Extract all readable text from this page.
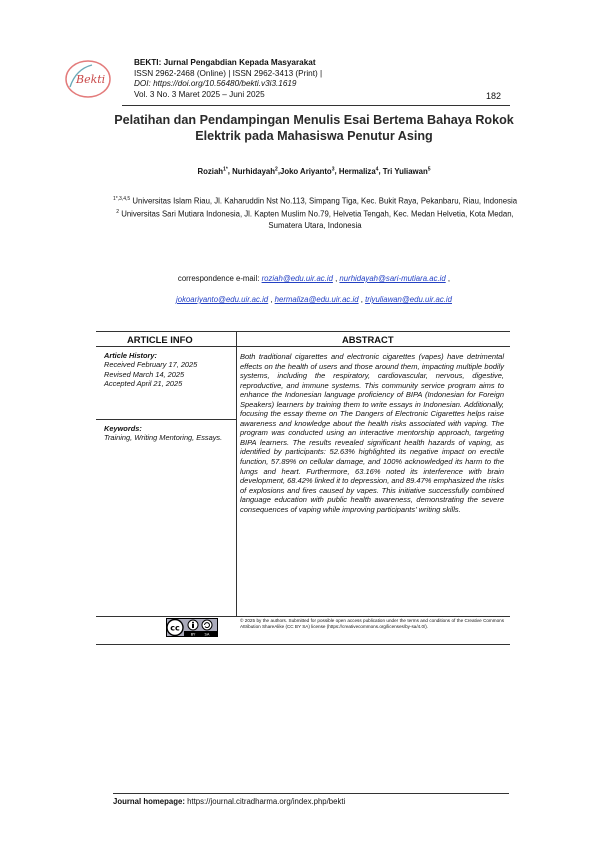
Bekti
BEKTI: Jurnal Pengabdian Kepada Masyarakat
ISSN 2962-2468 (Online) | ISSN 2962-3413 (Print) |
DOI: https://doi.org/10.56480/bekti.v3i3.1619
Vol. 3 No. 3 Maret 2025 – Juni 2025	182
Pelatihan dan Pendampingan Menulis Esai Bertema Bahaya Rokok Elektrik pada Mahasiswa Penutur Asing
Roziah$^{1*}$, Nurhidayah$^2$,Joko Ariyanto$^3$, Hermaliza$^4$, Tri Yuliawan$^5$

$^{1*,3,4,5}$ Universitas Islam Riau, Jl. Kaharuddin Nst No.113, Simpang Tiga, Kec. Bukit Raya, Pekanbaru, Riau, Indonesia

$^2$ Universitas Sari Mutiara Indonesia, Jl. Kapten Muslim No.79, Helvetia Tengah, Kec. Medan Helvetia, Kota Medan, Sumatera Utara, Indonesia

correspondence e-mail: roziah@edu.uir.ac.id , nurhidayah@sari-mutiara.ac.id ,
jokoariyanto@edu.uir.ac.id , hermaliza@edu.uir.ac.id , triyuliawan@edu.uir.ac.id
ARTICLE INFO	ABSTRACT
Article History:
Received February 17, 2025
Revised March 14, 2025
Accepted April 21, 2025
Keywords:
Training, Writing Mentoring, Essays.
Both traditional cigarettes and electronic cigarettes (vapes) have detrimental effects on the health of users and those around them, impacting multiple bodily systems, including the respiratory, cardiovascular, nervous, digestive, reproductive, and immune systems. This community service program aims to enhance the Indonesian language proficiency of BIPA (Indonesian for Foreign Speakers) learners by training them to write essays in Indonesian. Additionally, focusing the essay theme on The Dangers of Electronic Cigarettes helps raise awareness and knowledge about the health risks associated with vaping. The program was conducted using an interactive mentorship approach, targeting BIPA learners. The results revealed significant health hazards of vaping, as identified by participants: 52.63% highlighted its negative impact on erectile function, 57.89% on cellular damage, and 100% acknowledged its harm to the lungs and heart. Furthermore, 63.16% noted its interference with brain development, 68.42% linked it to depression, and 89.47% emphasized the risks of explosions and fires caused by vapes. This initiative successfully combined language education with public health awareness, demonstrating the severe consequences of vaping while improving participants' writing skills.
cc
BY SA
© 2025 by the authors. Submitted for possible open access publication under the terms and conditions of the Creative Commons Attribution ShareAlike (CC BY SA) license (https://creativecommons.org/licenses/by-sa/4.0/).
Journal homepage: https://journal.citradharma.org/index.php/bekti
